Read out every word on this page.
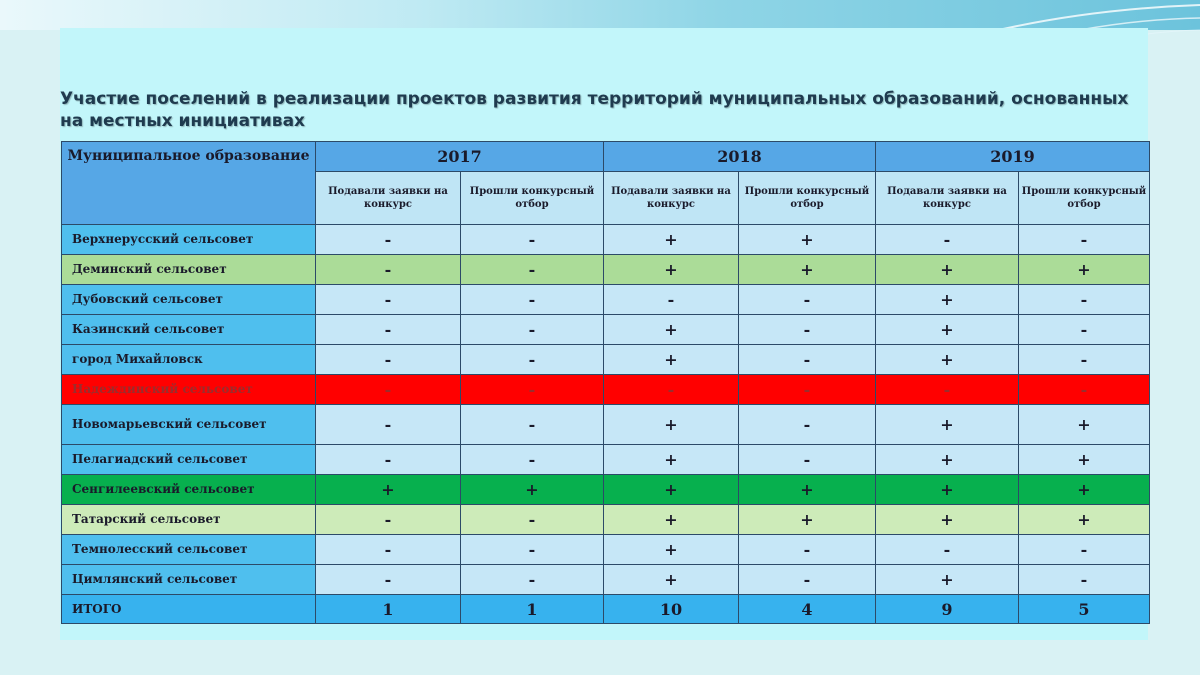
Участие поселений в реализации проектов развития территорий муниципальных образований, основанных на местных инициативах
Муниципальное образование	2017		2018		2019	
	Подавали заявки на конкурс	Прошли конкурсный отбор	Подавали заявки на конкурс	Прошли конкурсный отбор	Подавали заявки на конкурс	Прошли конкурсный отбор
Верхнерусский сельсовет	-	-	+	+	-	-
Деминский сельсовет	-	-	+	+	+	+
Дубовский сельсовет	-	-	-	-	+	-
Казинский сельсовет	-	-	+	-	+	-
город Михайловск	-	-	+	-	+	-
Надеждинский сельсовет	-	-	-	-	-	-
Новомарьевский сельсовет	-	-	+	-	+	+
Пелагиадский сельсовет	-	-	+	-	+	+
Сенгилеевский сельсовет	+	+	+	+	+	+
Татарский сельсовет	-	-	+	+	+	+
Темнолесский сельсовет	-	-	+	-	-	-
Цимлянский сельсовет	-	-	+	-	+	-
ИТОГО	1	1	10	4	9	5
